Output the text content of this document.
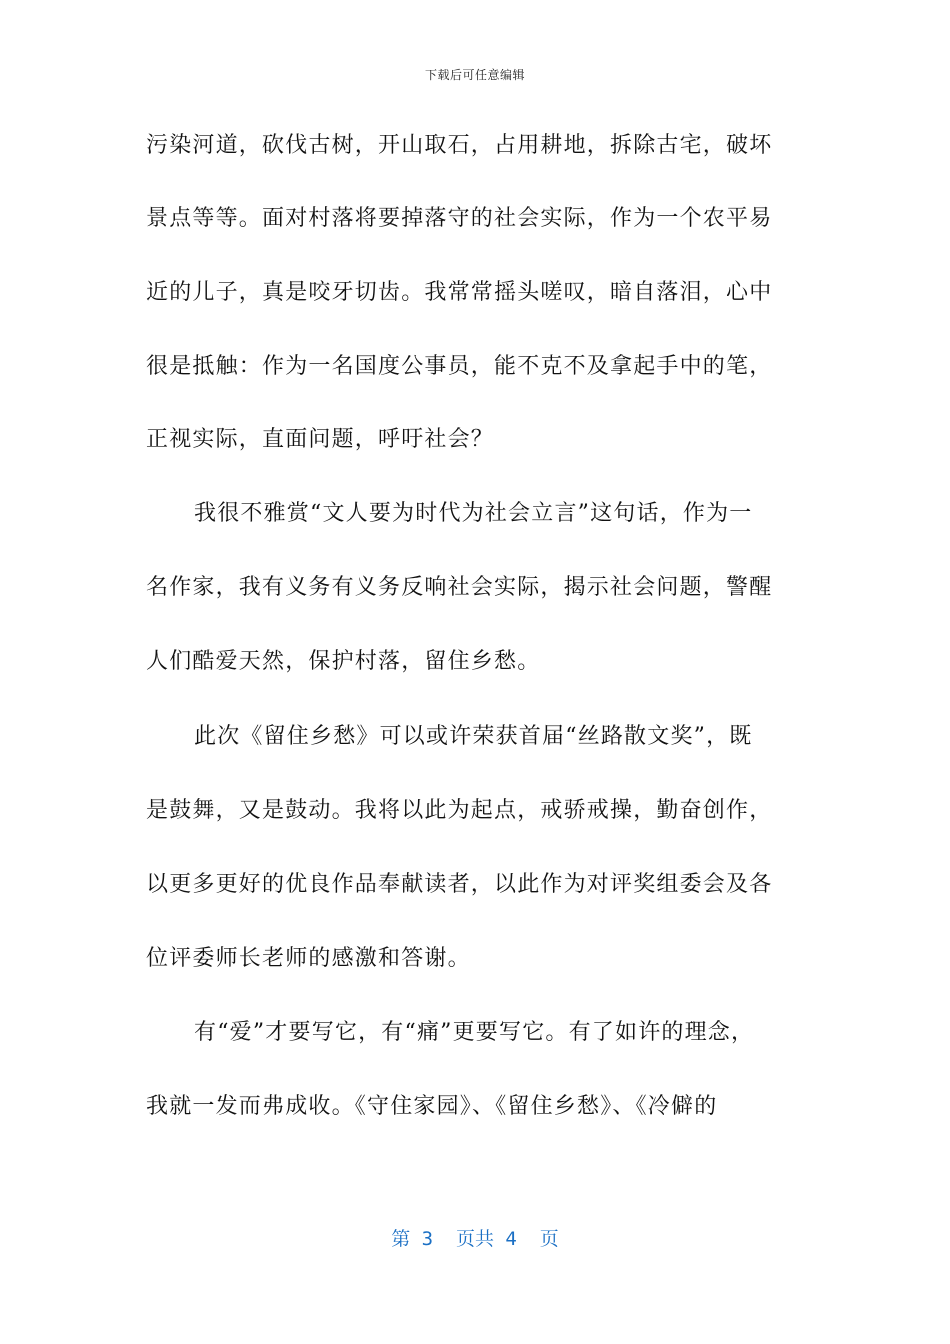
下载后可任意编辑
污染河道，砍伐古树，开山取石，占用耕地，拆除古宅，破坏
景点等等。面对村落将要掉落守的社会实际，作为一个农平易
近的儿子，真是咬牙切齿。我常常摇头嗟叹，暗自落泪，心中
很是抵触：作为一名国度公事员，能不克不及拿起手中的笔，
正视实际，直面问题，呼吁社会？
我很不雅赏“文人要为时代为社会立言”这句话，作为一
名作家，我有义务有义务反响社会实际，揭示社会问题，警醒
人们酷爱天然，保护村落，留住乡愁。
此次《留住乡愁》可以或许荣获首届“丝路散文奖”，既
是鼓舞，又是鼓动。我将以此为起点，戒骄戒操，勤奋创作，
以更多更好的优良作品奉献读者，以此作为对评奖组委会及各
位评委师长老师的感激和答谢。
有“爱”才要写它，有“痛”更要写它。有了如许的理念，
我就一发而弗成收。《守住家园》、《留住乡愁》、《冷僻的
第 3  页共 4  页
